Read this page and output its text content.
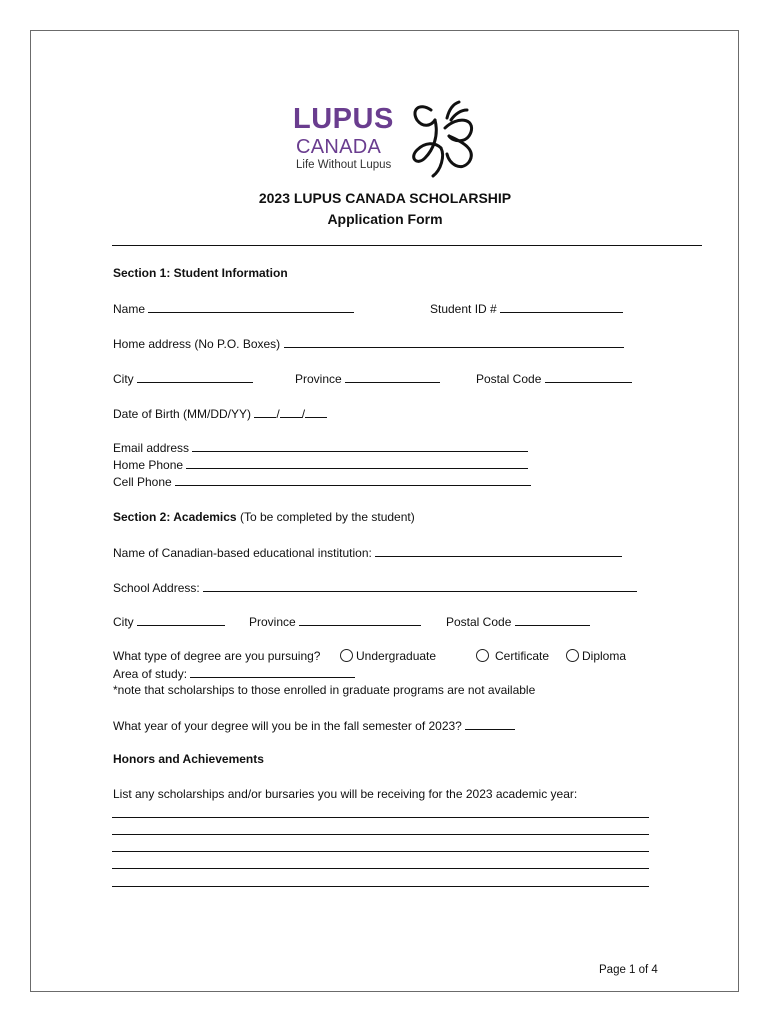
LUPUS
CANADA
Life Without Lupus
2023 LUPUS CANADA SCHOLARSHIP
Application Form
Section 1: Student Information
Name	Student ID #
Home address (No P.O. Boxes)
City	Province	Postal Code
Date of Birth (MM/DD/YY) / /
Email address
Home Phone
Cell Phone
Section 2: Academics (To be completed by the student)
Name of Canadian-based educational institution:
School Address:
City	Province	Postal Code
What type of degree are you pursuing?	Undergraduate	Certificate	Diploma
Area of study:
*note that scholarships to those enrolled in graduate programs are not available
What year of your degree will you be in the fall semester of 2023?
Honors and Achievements
List any scholarships and/or bursaries you will be receiving for the 2023 academic year:
Page 1 of 4
